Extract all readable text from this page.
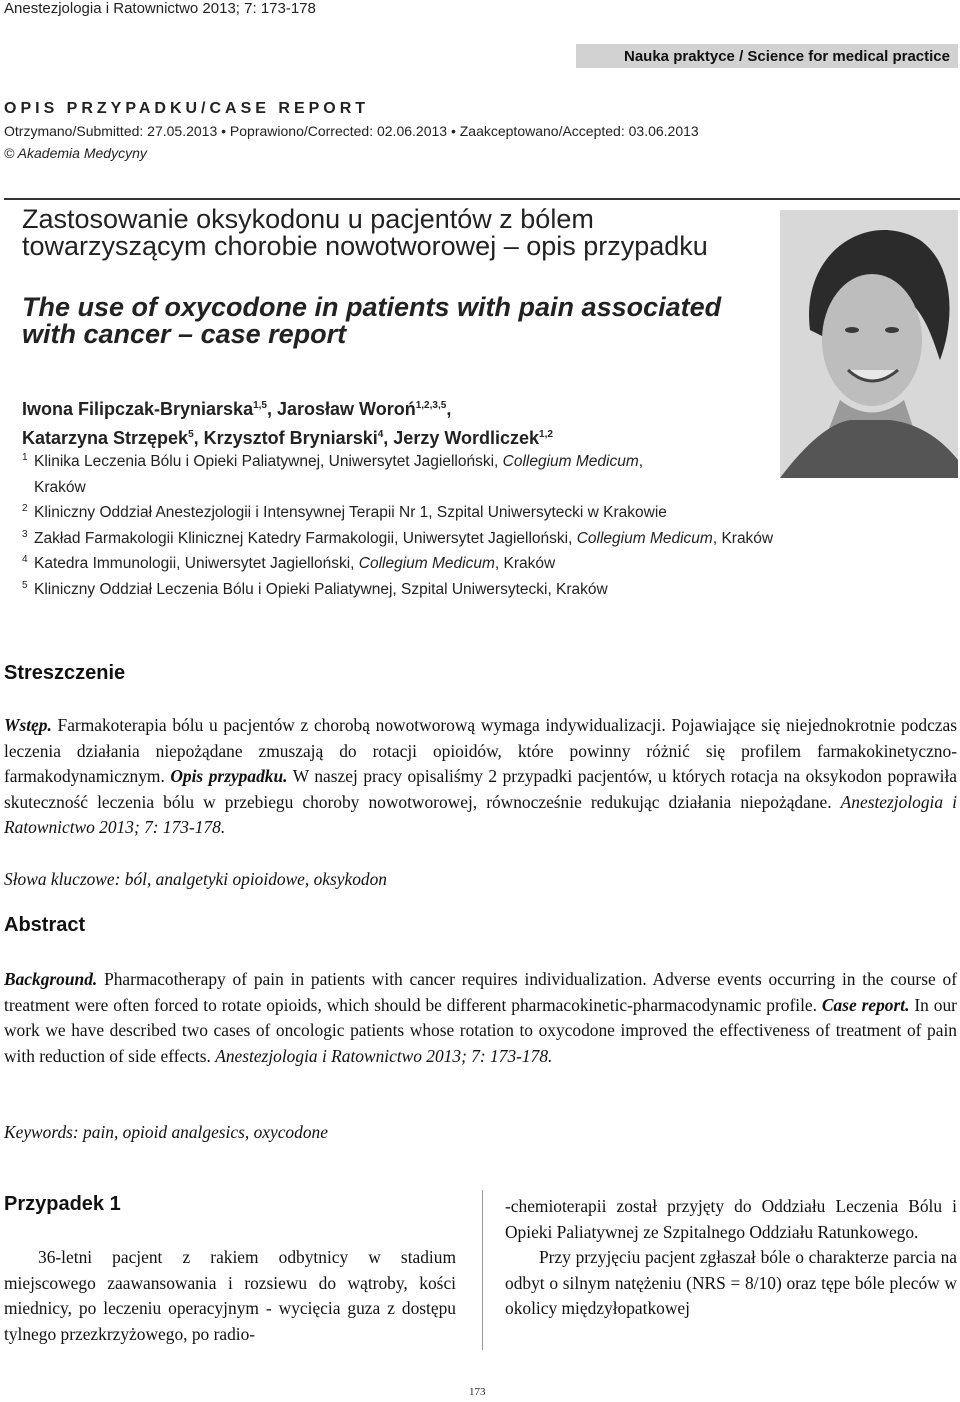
Anestezjologia i Ratownictwo 2013; 7: 173-178
Nauka praktyce / Science for medical practice
OPIS PRZYPADKU/CASE REPORT
Otrzymano/Submitted: 27.05.2013 • Poprawiono/Corrected: 02.06.2013 • Zaakceptowano/Accepted: 03.06.2013
© Akademia Medycyny
Zastosowanie oksykodonu u pacjentów z bólem towarzyszącym chorobie nowotworowej – opis przypadku
The use of oxycodone in patients with pain associated with cancer – case report
Iwona Filipczak-Bryniarska$^{1,5}$, Jarosław Woroń$^{1,2,3,5}$,
Katarzyna Strzępek$^5$, Krzysztof Bryniarski$^4$, Jerzy Wordliczek$^{1,2}$
1 Klinika Leczenia Bólu i Opieki Paliatywnej, Uniwersytet Jagielloński, Collegium Medicum, Kraków
2 Kliniczny Oddział Anestezjologii i Intensywnej Terapii Nr 1, Szpital Uniwersytecki w Krakowie
3 Zakład Farmakologii Klinicznej Katedry Farmakologii, Uniwersytet Jagielloński, Collegium Medicum, Kraków
4 Katedra Immunologii, Uniwersytet Jagielloński, Collegium Medicum, Kraków
5 Kliniczny Oddział Leczenia Bólu i Opieki Paliatywnej, Szpital Uniwersytecki, Kraków
Streszczenie
Wstęp. Farmakoterapia bólu u pacjentów z chorobą nowotworową wymaga indywidualizacji. Pojawiające się niejednokrotnie podczas leczenia działania niepożądane zmuszają do rotacji opioidów, które powinny różnić się profilem farmakokinetyczno-farmakodynamicznym. Opis przypadku. W naszej pracy opisaliśmy 2 przypadki pacjentów, u których rotacja na oksykodon poprawiła skuteczność leczenia bólu w przebiegu choroby nowotworowej, równocześnie redukując działania niepożądane. Anestezjologia i Ratownictwo 2013; 7: 173-178.
Słowa kluczowe: ból, analgetyki opioidowe, oksykodon
Abstract
Background. Pharmacotherapy of pain in patients with cancer requires individualization. Adverse events occurring in the course of treatment were often forced to rotate opioids, which should be different pharmacokinetic-pharmacodynamic profile. Case report. In our work we have described two cases of oncologic patients whose rotation to oxycodone improved the effectiveness of treatment of pain with reduction of side effects. Anestezjologia i Ratownictwo 2013; 7: 173-178.
Keywords: pain, opioid analgesics, oxycodone
Przypadek 1
36-letni pacjent z rakiem odbytnicy w stadium miejscowego zaawansowania i rozsiewu do wątroby, kości miednicy, po leczeniu operacyjnym - wycięcia guza z dostępu tylnego przezkrzyżowego, po radio-
-chemioterapii został przyjęty do Oddziału Leczenia Bólu i Opieki Paliatywnej ze Szpitalnego Oddziału Ratunkowego.
Przy przyjęciu pacjent zgłaszał bóle o charakterze parcia na odbyt o silnym natężeniu (NRS = 8/10) oraz tępe bóle pleców w okolicy międzyłopatkowej
173
